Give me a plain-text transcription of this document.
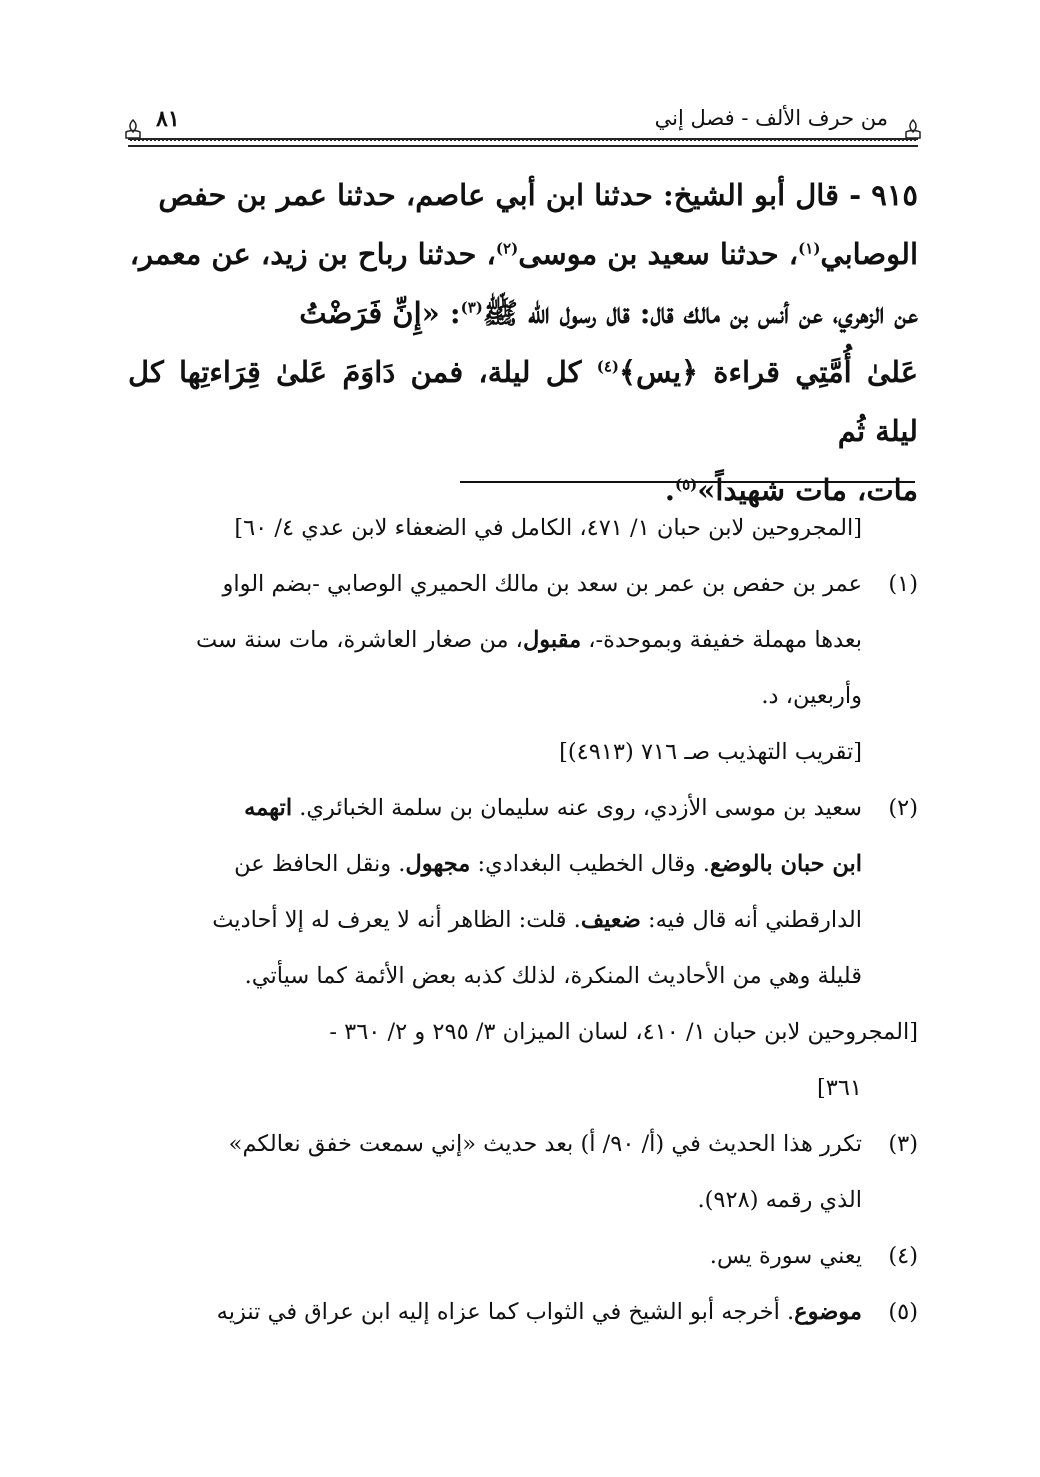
من حرف الألف - فصل إني
٨١

٩١٥ - قال أبو الشيخ: حدثنا ابن أبي عاصم، حدثنا عمر بن حفص

الوصابي$^{(١)}$، حدثنا سعيد بن موسى$^{(٢)}$، حدثنا رباح بن زيد، عن معمر،

عن الزهري، عن أنس بن مالك قال: قال رسول الله ﷺ$^{(٣)}$: «إِنِّ فَرَضْتُ

عَلىٰ أُمَّتِي قراءة ﴿يس﴾$^{(٤)}$ كل ليلة، فمن دَاوَمَ عَلىٰ قِرَاءتِها كل ليلة ثُم

مات، مات شهيداً»$^{(٥)}$.

[المجروحين لابن حبان ١/ ٤٧١، الكامل في الضعفاء لابن عدي ٤/ ٦٠]

(١)

عمر بن حفص بن عمر بن سعد بن مالك الحميري الوصابي -بضم الواو

بعدها مهملة خفيفة وبموحدة-، مقبول، من صغار العاشرة، مات سنة ست

وأربعين، د.

[تقريب التهذيب صـ ٧١٦ (٤٩١٣)]

(٢)

سعيد بن موسى الأزدي، روى عنه سليمان بن سلمة الخبائري. اتهمه

ابن حبان بالوضع. وقال الخطيب البغدادي: مجهول. ونقل الحافظ عن

الدارقطني أنه قال فيه: ضعيف. قلت: الظاهر أنه لا يعرف له إلا أحاديث

قليلة وهي من الأحاديث المنكرة، لذلك كذبه بعض الأئمة كما سيأتي.

[المجروحين لابن حبان ١/ ٤١٠، لسان الميزان ٣/ ٢٩٥ و ٢/ ٣٦٠ -

٣٦١]

(٣)

تكرر هذا الحديث في (أ/ ٩٠/ أ) بعد حديث «إني سمعت خفق نعالكم»

الذي رقمه (٩٢٨).

(٤)

يعني سورة يس.

(٥)

موضوع. أخرجه أبو الشيخ في الثواب كما عزاه إليه ابن عراق في تنزيه
